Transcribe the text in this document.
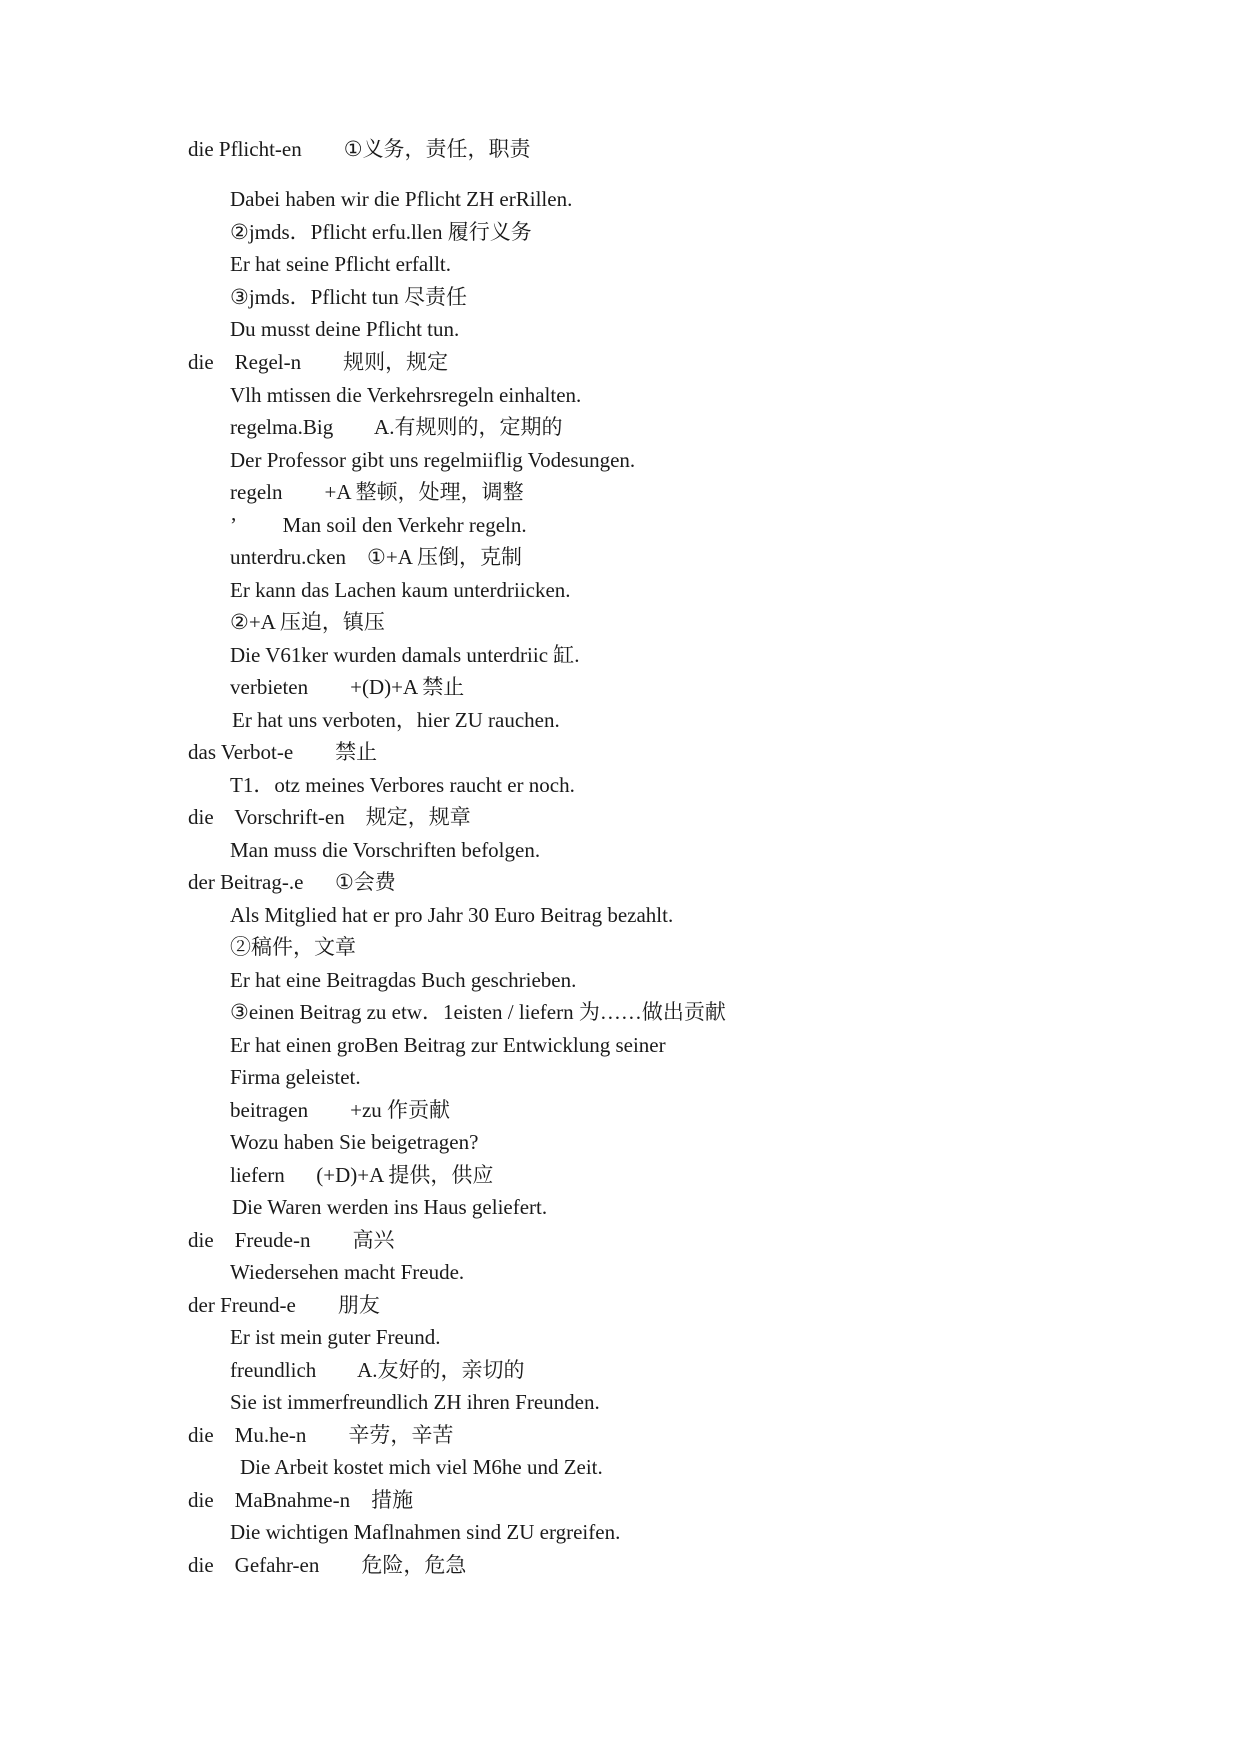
die Pflicht-en        ①义务，责任，职责
Dabei haben wir die Pflicht ZH erRillen.
②jmds．Pflicht erfu.llen 履行义务
Er hat seine Pflicht erfallt.
③jmds．Pflicht tun 尽责任
Du musst deine Pflicht tun.
die    Regel-n        规则，规定
Vlh mtissen die Verkehrsregeln einhalten.
regelma.Big        A.有规则的，定期的
Der Professor gibt uns regelmiiflig Vodesungen.
regeln        +A 整顿，处理，调整
’         Man soil den Verkehr regeln.
unterdru.cken    ①+A 压倒，克制
Er kann das Lachen kaum unterdriicken.
②+A 压迫，镇压
Die V61ker wurden damals unterdriic 缸.
verbieten        +(D)+A 禁止
Er hat uns verboten，hier ZU rauchen.
das Verbot-e        禁止
T1．otz meines Verbores raucht er noch.
die    Vorschrift-en    规定，规章
Man muss die Vorschriften befolgen.
der Beitrag-.e      ①会费
Als Mitglied hat er pro Jahr 30 Euro Beitrag bezahlt.
②稿件，文章
Er hat eine Beitragdas Buch geschrieben.
③einen Beitrag zu etw．1eisten / liefern 为……做出贡献
Er hat einen groBen Beitrag zur Entwicklung seiner
Firma geleistet.
beitragen        +zu 作贡献
Wozu haben Sie beigetragen?
liefern      (+D)+A 提供，供应
Die Waren werden ins Haus geliefert.
die    Freude-n        高兴
Wiedersehen macht Freude.
der Freund-e        朋友
Er ist mein guter Freund.
freundlich        A.友好的，亲切的
Sie ist immerfreundlich ZH ihren Freunden.
die    Mu.he-n        辛劳，辛苦
Die Arbeit kostet mich viel M6he und Zeit.
die    MaBnahme-n    措施
Die wichtigen Maflnahmen sind ZU ergreifen.
die    Gefahr-en        危险，危急
